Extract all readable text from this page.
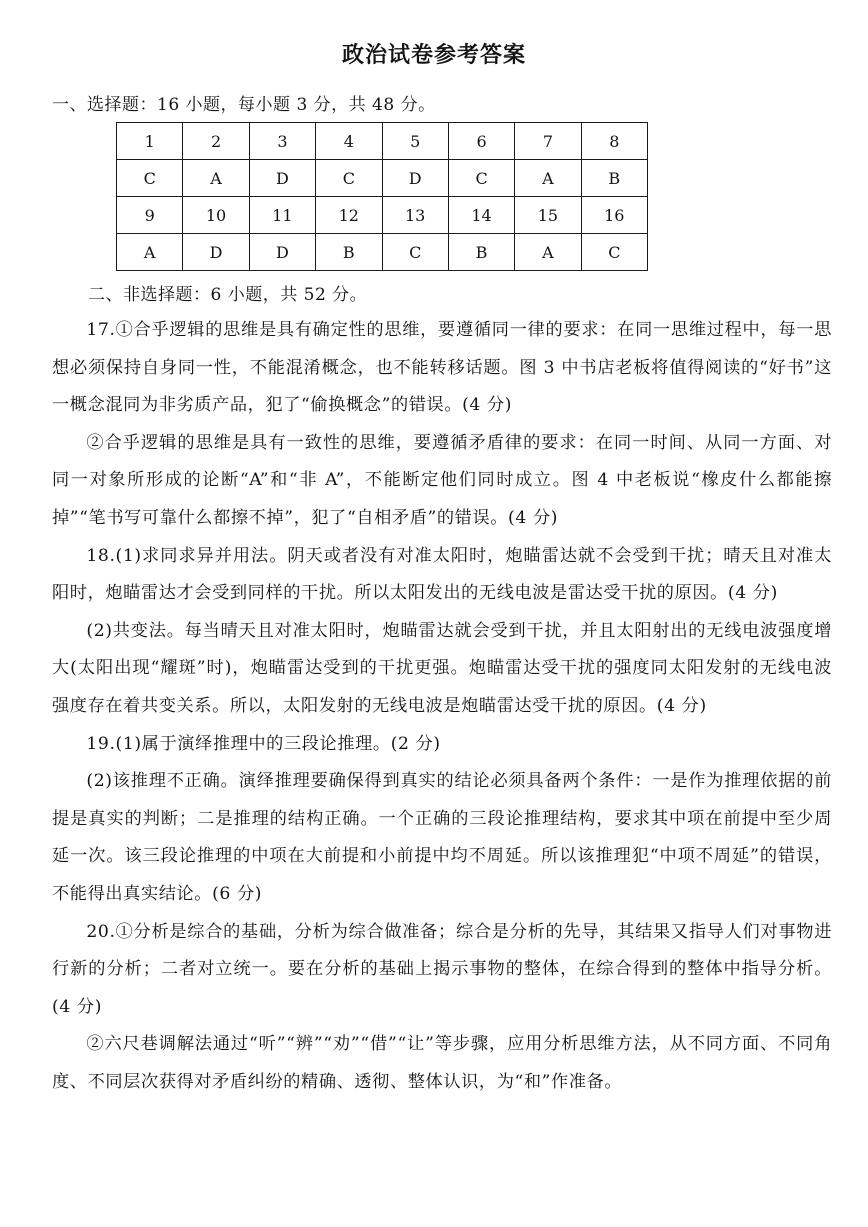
政治试卷参考答案
一、选择题：16 小题，每小题 3 分，共 48 分。
1	2	3	4	5	6	7	8
C	A	D	C	D	C	A	B
9	10	11	12	13	14	15	16
A	D	D	B	C	B	A	C
二、非选择题：6 小题，共 52 分。

17.①合乎逻辑的思维是具有确定性的思维，要遵循同一律的要求：在同一思维过程中，每一思想必须保持自身同一性，不能混淆概念，也不能转移话题。图 3 中书店老板将值得阅读的“好书”这一概念混同为非劣质产品，犯了“偷换概念”的错误。(4 分)

②合乎逻辑的思维是具有一致性的思维，要遵循矛盾律的要求：在同一时间、从同一方面、对同一对象所形成的论断“A”和“非 A”，不能断定他们同时成立。图 4 中老板说“橡皮什么都能擦掉”“笔书写可靠什么都擦不掉”，犯了“自相矛盾”的错误。(4 分)

18.(1)求同求异并用法。阴天或者没有对准太阳时，炮瞄雷达就不会受到干扰；晴天且对准太阳时，炮瞄雷达才会受到同样的干扰。所以太阳发出的无线电波是雷达受干扰的原因。(4 分)

(2)共变法。每当晴天且对准太阳时，炮瞄雷达就会受到干扰，并且太阳射出的无线电波强度增大(太阳出现“耀斑”时)，炮瞄雷达受到的干扰更强。炮瞄雷达受干扰的强度同太阳发射的无线电波强度存在着共变关系。所以，太阳发射的无线电波是炮瞄雷达受干扰的原因。(4 分)

19.(1)属于演绎推理中的三段论推理。(2 分)

(2)该推理不正确。演绎推理要确保得到真实的结论必须具备两个条件：一是作为推理依据的前提是真实的判断；二是推理的结构正确。一个正确的三段论推理结构，要求其中项在前提中至少周延一次。该三段论推理的中项在大前提和小前提中均不周延。所以该推理犯“中项不周延”的错误，不能得出真实结论。(6 分)

20.①分析是综合的基础，分析为综合做准备；综合是分析的先导，其结果又指导人们对事物进行新的分析；二者对立统一。要在分析的基础上揭示事物的整体，在综合得到的整体中指导分析。(4 分)

②六尺巷调解法通过“听”“辨”“劝”“借”“让”等步骤，应用分析思维方法，从不同方面、不同角度、不同层次获得对矛盾纠纷的精确、透彻、整体认识，为“和”作准备。
